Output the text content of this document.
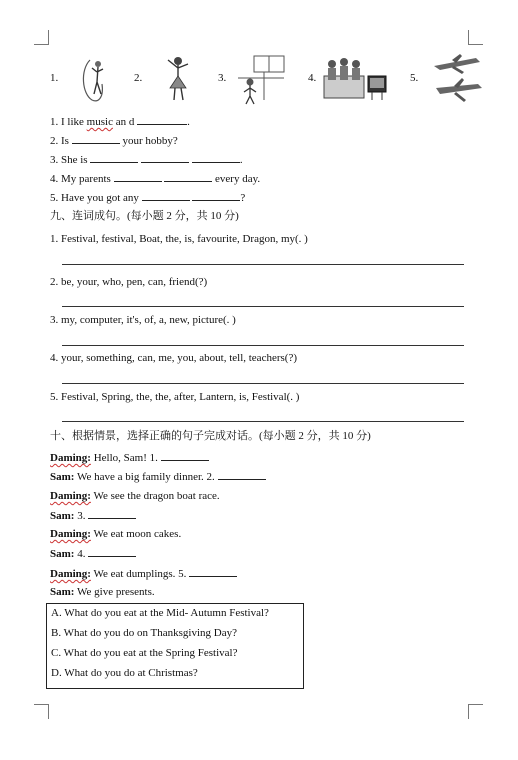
1.	2.	3.	4.	5.
1. I like music an d	.
2. Is	your hobby?
3. She is	.
4. My parents	every day.
5. Have you got any	?
九、连词成句。(每小题 2 分，共 10 分)
1. Festival, festival, Boat, the, is, favourite, Dragon, my(. )
2. be, your, who, pen, can, friend(?)
3. my, computer, it's, of, a, new, picture(. )
4. your, something, can, me, you, about, tell, teachers(?)
5. Festival, Spring, the, the, after, Lantern, is, Festival(. )
十、根据情景，选择正确的句子完成对话。(每小题 2 分，共 10 分)
Daming: Hello, Sam! 1.
Sam: We have a big family dinner. 2.
Daming: We see the dragon boat race.
Sam: 3.
Daming: We eat moon cakes.
Sam: 4.
Daming: We eat dumplings. 5.
Sam: We give presents.
A. What do you eat at the Mid- Autumn Festival?
B. What do you do on Thanksgiving Day?
C. What do you eat at the Spring Festival?
D. What do you do at Christmas?
